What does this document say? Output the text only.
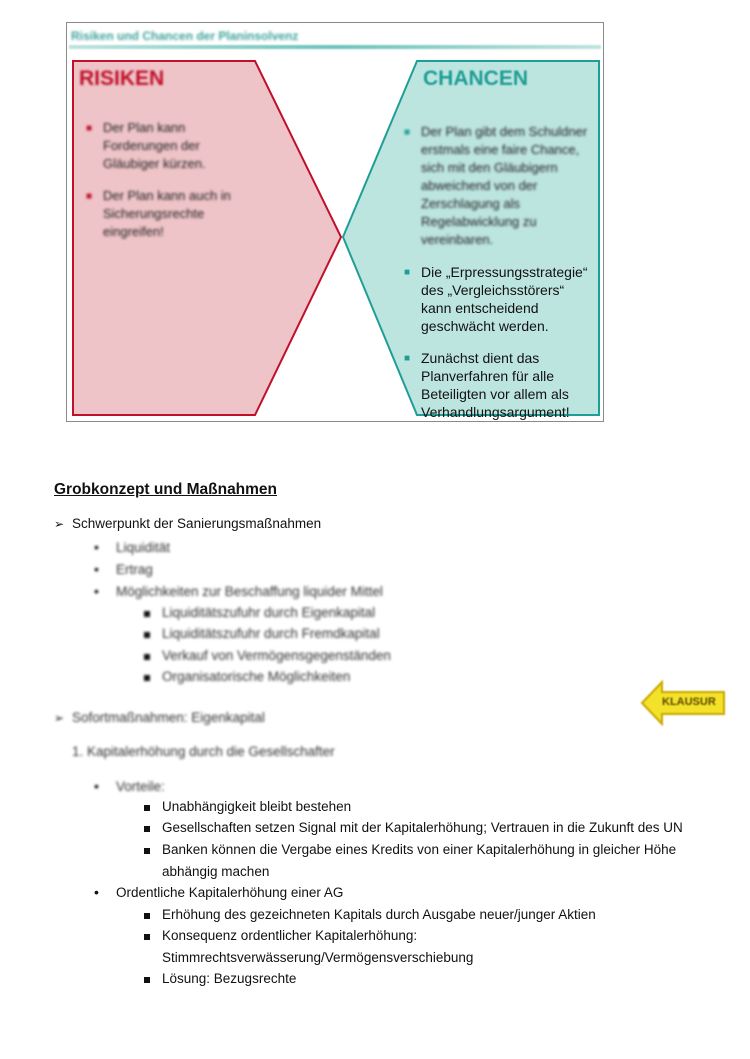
Risiken und Chancen der Planinsolvenz
RISIKEN	CHANCEN
■ Der Plan kann Forderungen der Gläubiger kürzen.
■ Der Plan kann auch in Sicherungsrechte eingreifen!
■ Der Plan gibt dem Schuldner erstmals eine faire Chance, sich mit den Gläubigern abweichend von der Zerschlagung als Regelabwicklung zu vereinbaren.
■ Die „Erpressungsstrategie“ des „Vergleichsstörers“ kann entscheidend geschwächt werden.
■ Zunächst dient das Planverfahren für alle Beteiligten vor allem als Verhandlungsargument!
Grobkonzept und Maßnahmen
➢ Schwerpunkt der Sanierungsmaßnahmen
• Liquidität
• Ertrag
• Möglichkeiten zur Beschaffung liquider Mittel
Liquiditätszufuhr durch Eigenkapital
Liquiditätszufuhr durch Fremdkapital
Verkauf von Vermögensgegenständen
Organisatorische Möglichkeiten
➢ Sofortmaßnahmen: Eigenkapital
1. Kapitalerhöhung durch die Gesellschafter
• Vorteile:
Unabhängigkeit bleibt bestehen
Gesellschaften setzen Signal mit der Kapitalerhöhung; Vertrauen in die Zukunft des UN
Banken können die Vergabe eines Kredits von einer Kapitalerhöhung in gleicher Höhe
abhängig machen
• Ordentliche Kapitalerhöhung einer AG
Erhöhung des gezeichneten Kapitals durch Ausgabe neuer/junger Aktien
Konsequenz ordentlicher Kapitalerhöhung:
Stimmrechtsverwässerung/Vermögensverschiebung
Lösung: Bezugsrechte
KLAUSUR
